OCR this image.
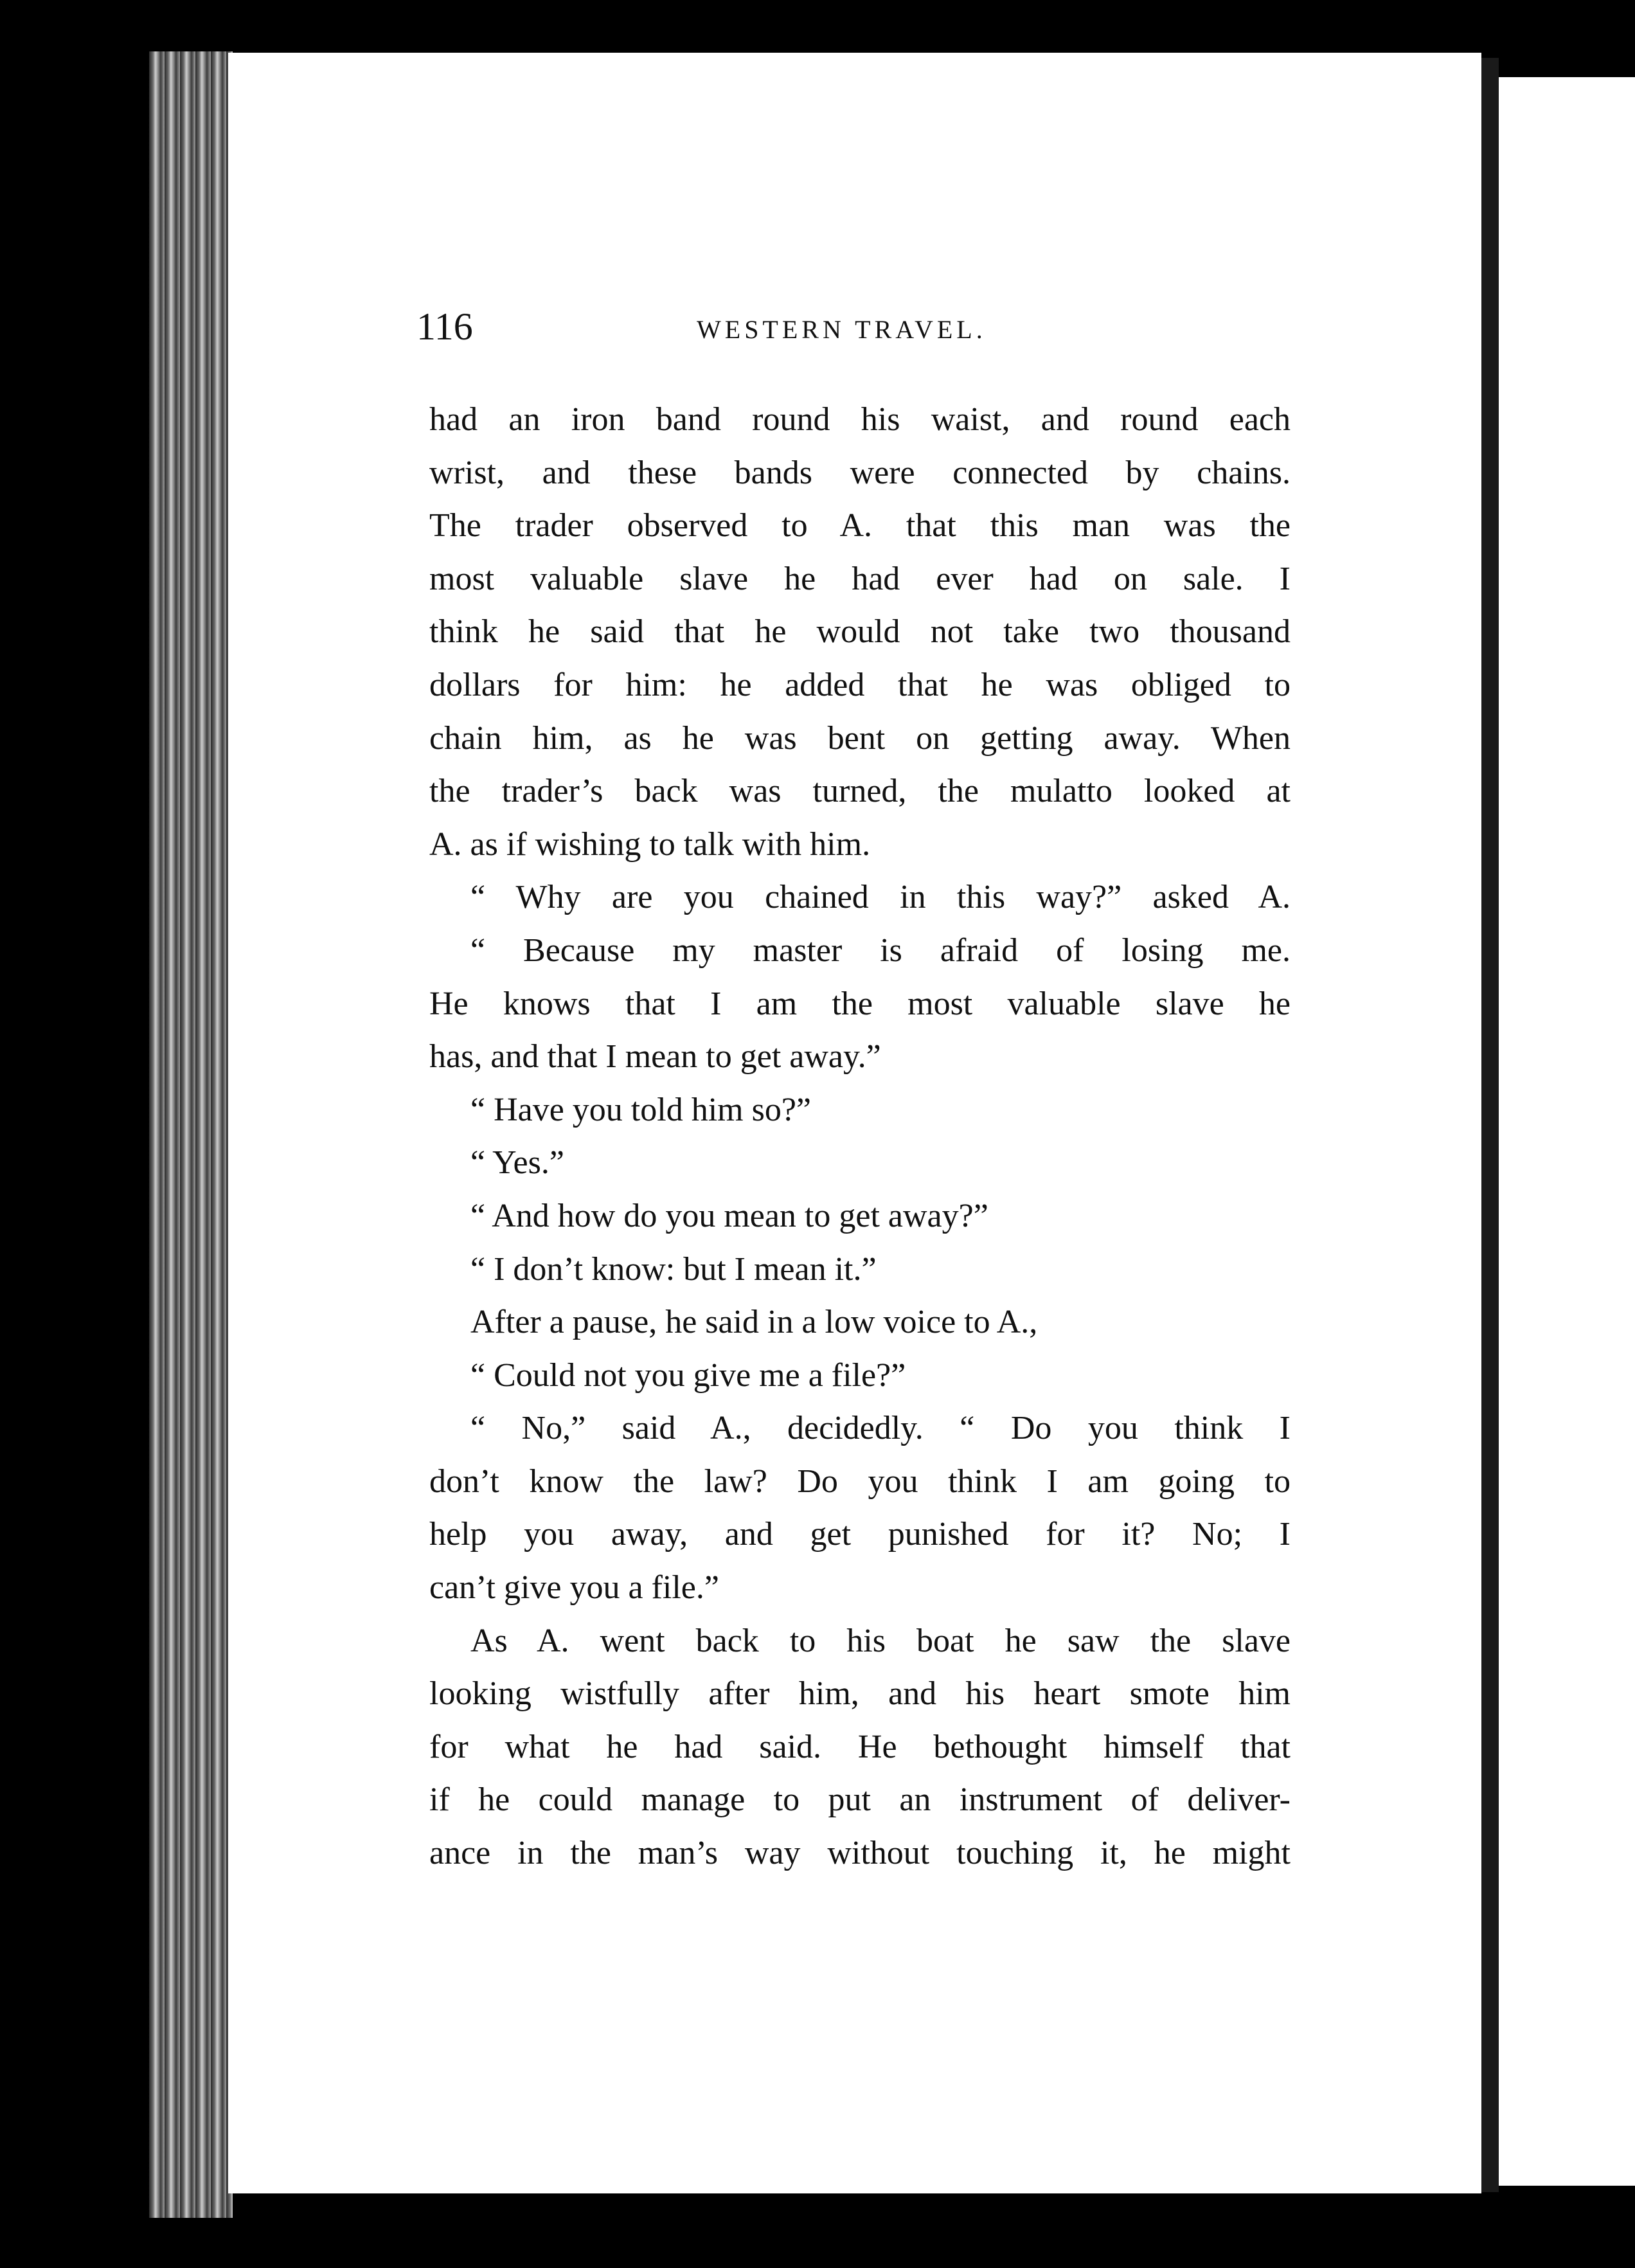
116	WESTERN TRAVEL.
had an iron band round his waist, and round each
wrist, and these bands were connected by chains.
The trader observed to A. that this man was the
most valuable slave he had ever had on sale. I
think he said that he would not take two thousand
dollars for him: he added that he was obliged to
chain him, as he was bent on getting away. When
the trader’s back was turned, the mulatto looked at
A. as if wishing to talk with him.
“ Why are you chained in this way?” asked A.
“ Because my master is afraid of losing me.
He knows that I am the most valuable slave he
has, and that I mean to get away.”
“ Have you told him so?”
“ Yes.”
“ And how do you mean to get away?”
“ I don’t know: but I mean it.”
After a pause, he said in a low voice to A.,
“ Could not you give me a file?”
“ No,” said A., decidedly. “ Do you think I
don’t know the law? Do you think I am going to
help you away, and get punished for it? No; I
can’t give you a file.”
As A. went back to his boat he saw the slave
looking wistfully after him, and his heart smote him
for what he had said. He bethought himself that
if he could manage to put an instrument of deliver-
ance in the man’s way without touching it, he might
